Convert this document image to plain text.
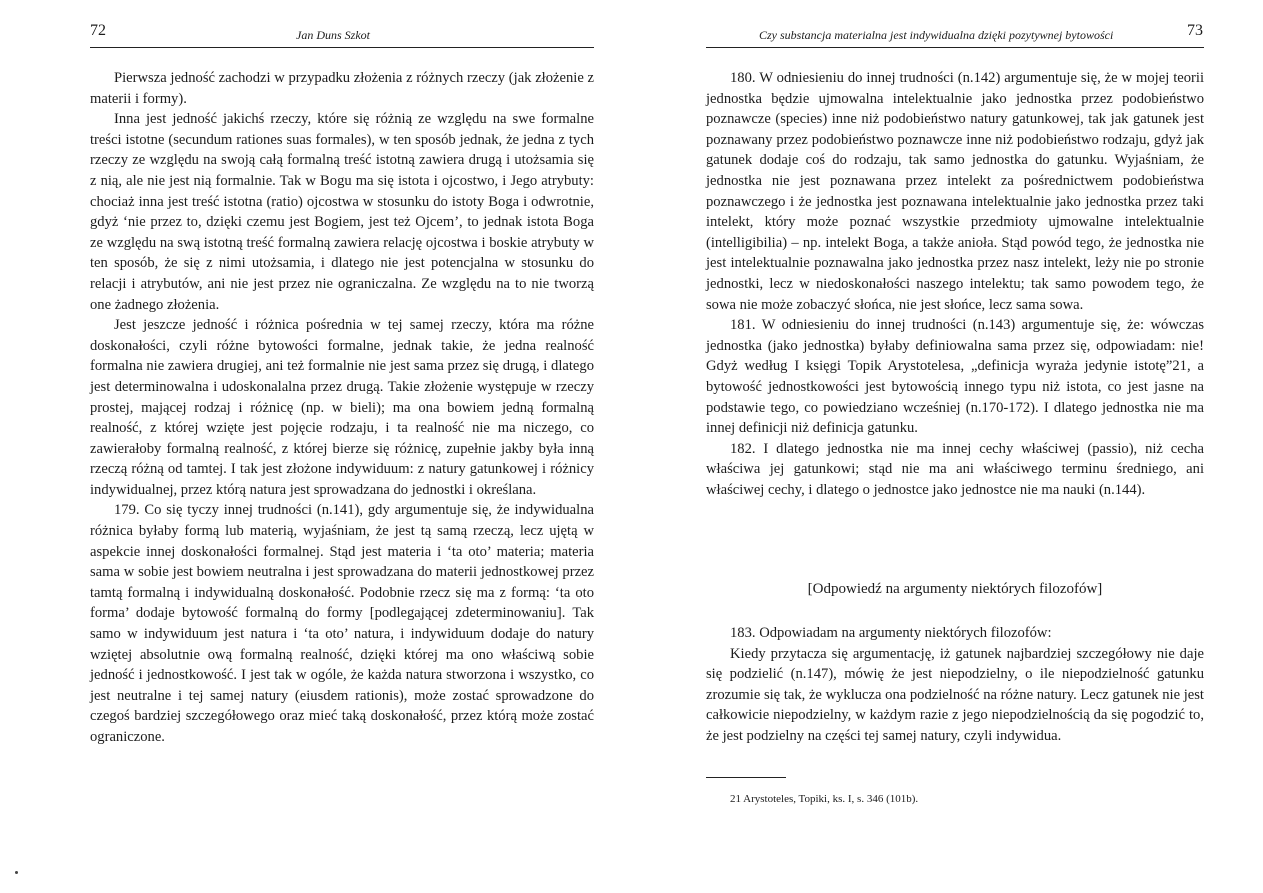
72	Jan Duns Szkot

Pierwsza jedność zachodzi w przypadku złożenia z różnych rzeczy (jak złożenie z materii i formy).

Inna jest jedność jakichś rzeczy, które się różnią ze względu na swe formalne treści istotne (secundum rationes suas formales), w ten sposób jednak, że jedna z tych rzeczy ze względu na swoją całą formalną treść istotną zawiera drugą i utożsamia się z nią, ale nie jest nią formalnie. Tak w Bogu ma się istota i ojcostwo, i Jego atrybuty: chociaż inna jest treść istotna (ratio) ojcostwa w stosunku do istoty Boga i odwrotnie, gdyż ‘nie przez to, dzięki czemu jest Bogiem, jest też Ojcem’, to jednak istota Boga ze względu na swą istotną treść formalną zawiera relację ojcostwa i boskie atrybuty w ten sposób, że się z nimi utożsamia, i dlatego nie jest potencjalna w stosunku do relacji i atrybutów, ani nie jest przez nie ograniczalna. Ze względu na to nie tworzą one żadnego złożenia.

Jest jeszcze jedność i różnica pośrednia w tej samej rzeczy, która ma różne doskonałości, czyli różne bytowości formalne, jednak takie, że jedna realność formalna nie zawiera drugiej, ani też formalnie nie jest sama przez się drugą, i dlatego jest determinowalna i udoskonalalna przez drugą. Takie złożenie występuje w rzeczy prostej, mającej rodzaj i różnicę (np. w bieli); ma ona bowiem jedną formalną realność, z której wzięte jest pojęcie rodzaju, i ta realność nie ma niczego, co zawierałoby formalną realność, z której bierze się różnicę, zupełnie jakby była inną rzeczą różną od tamtej. I tak jest złożone indywiduum: z natury gatunkowej i różnicy indywidualnej, przez którą natura jest sprowadzana do jednostki i określana.

179. Co się tyczy innej trudności (n.141), gdy argumentuje się, że indywidualna różnica byłaby formą lub materią, wyjaśniam, że jest tą samą rzeczą, lecz ujętą w aspekcie innej doskonałości formalnej. Stąd jest materia i ‘ta oto’ materia; materia sama w sobie jest bowiem neutralna i jest sprowadzana do materii jednostkowej przez tamtą formalną i indywidualną doskonałość. Podobnie rzecz się ma z formą: ‘ta oto forma’ dodaje bytowość formalną do formy [podlegającej zdeterminowaniu]. Tak samo w indywiduum jest natura i ‘ta oto’ natura, i indywiduum dodaje do natury wziętej absolutnie ową formalną realność, dzięki której ma ono właściwą sobie jedność i jednostkowość. I jest tak w ogóle, że każda natura stworzona i wszystko, co jest neutralne i tej samej natury (eiusdem rationis), może zostać sprowadzone do czegoś bardziej szczegółowego oraz mieć taką doskonałość, przez którą może zostać ograniczone.

Czy substancja materialna jest indywidualna dzięki pozytywnej bytowości	73

180. W odniesieniu do innej trudności (n.142) argumentuje się, że w mojej teorii jednostka będzie ujmowalna intelektualnie jako jednostka przez podobieństwo poznawcze (species) inne niż podobieństwo natury gatunkowej, tak jak gatunek jest poznawany przez podobieństwo poznawcze inne niż podobieństwo rodzaju, gdyż jak gatunek dodaje coś do rodzaju, tak samo jednostka do gatunku. Wyjaśniam, że jednostka nie jest poznawana przez intelekt za pośrednictwem podobieństwa poznawczego i że jednostka jest poznawana intelektualnie jako jednostka przez taki intelekt, który może poznać wszystkie przedmioty ujmowalne intelektualnie (intelligibilia) – np. intelekt Boga, a także anioła. Stąd powód tego, że jednostka nie jest intelektualnie poznawalna jako jednostka przez nasz intelekt, leży nie po stronie jednostki, lecz w niedoskonałości naszego intelektu; tak samo powodem tego, że sowa nie może zobaczyć słońca, nie jest słońce, lecz sama sowa.

181. W odniesieniu do innej trudności (n.143) argumentuje się, że: wówczas jednostka (jako jednostka) byłaby definiowalna sama przez się, odpowiadam: nie! Gdyż według I księgi Topik Arystotelesa, „definicja wyraża jedynie istotę”21, a bytowość jednostkowości jest bytowością innego typu niż istota, co jest jasne na podstawie tego, co powiedziano wcześniej (n.170-172). I dlatego jednostka nie ma innej definicji niż definicja gatunku.

182. I dlatego jednostka nie ma innej cechy właściwej (passio), niż cecha właściwa jej gatunkowi; stąd nie ma ani właściwego terminu średniego, ani właściwej cechy, i dlatego o jednostce jako jednostce nie ma nauki (n.144).

[Odpowiedź na argumenty niektórych filozofów]

183. Odpowiadam na argumenty niektórych filozofów:

Kiedy przytacza się argumentację, iż gatunek najbardziej szczegółowy nie daje się podzielić (n.147), mówię że jest niepodzielny, o ile niepodzielność gatunku zrozumie się tak, że wyklucza ona podzielność na różne natury. Lecz gatunek nie jest całkowicie niepodzielny, w każdym razie z jego niepodzielnością da się pogodzić to, że jest podzielny na części tej samej natury, czyli indywidua.

21 Arystoteles, Topiki, ks. I, s. 346 (101b).
